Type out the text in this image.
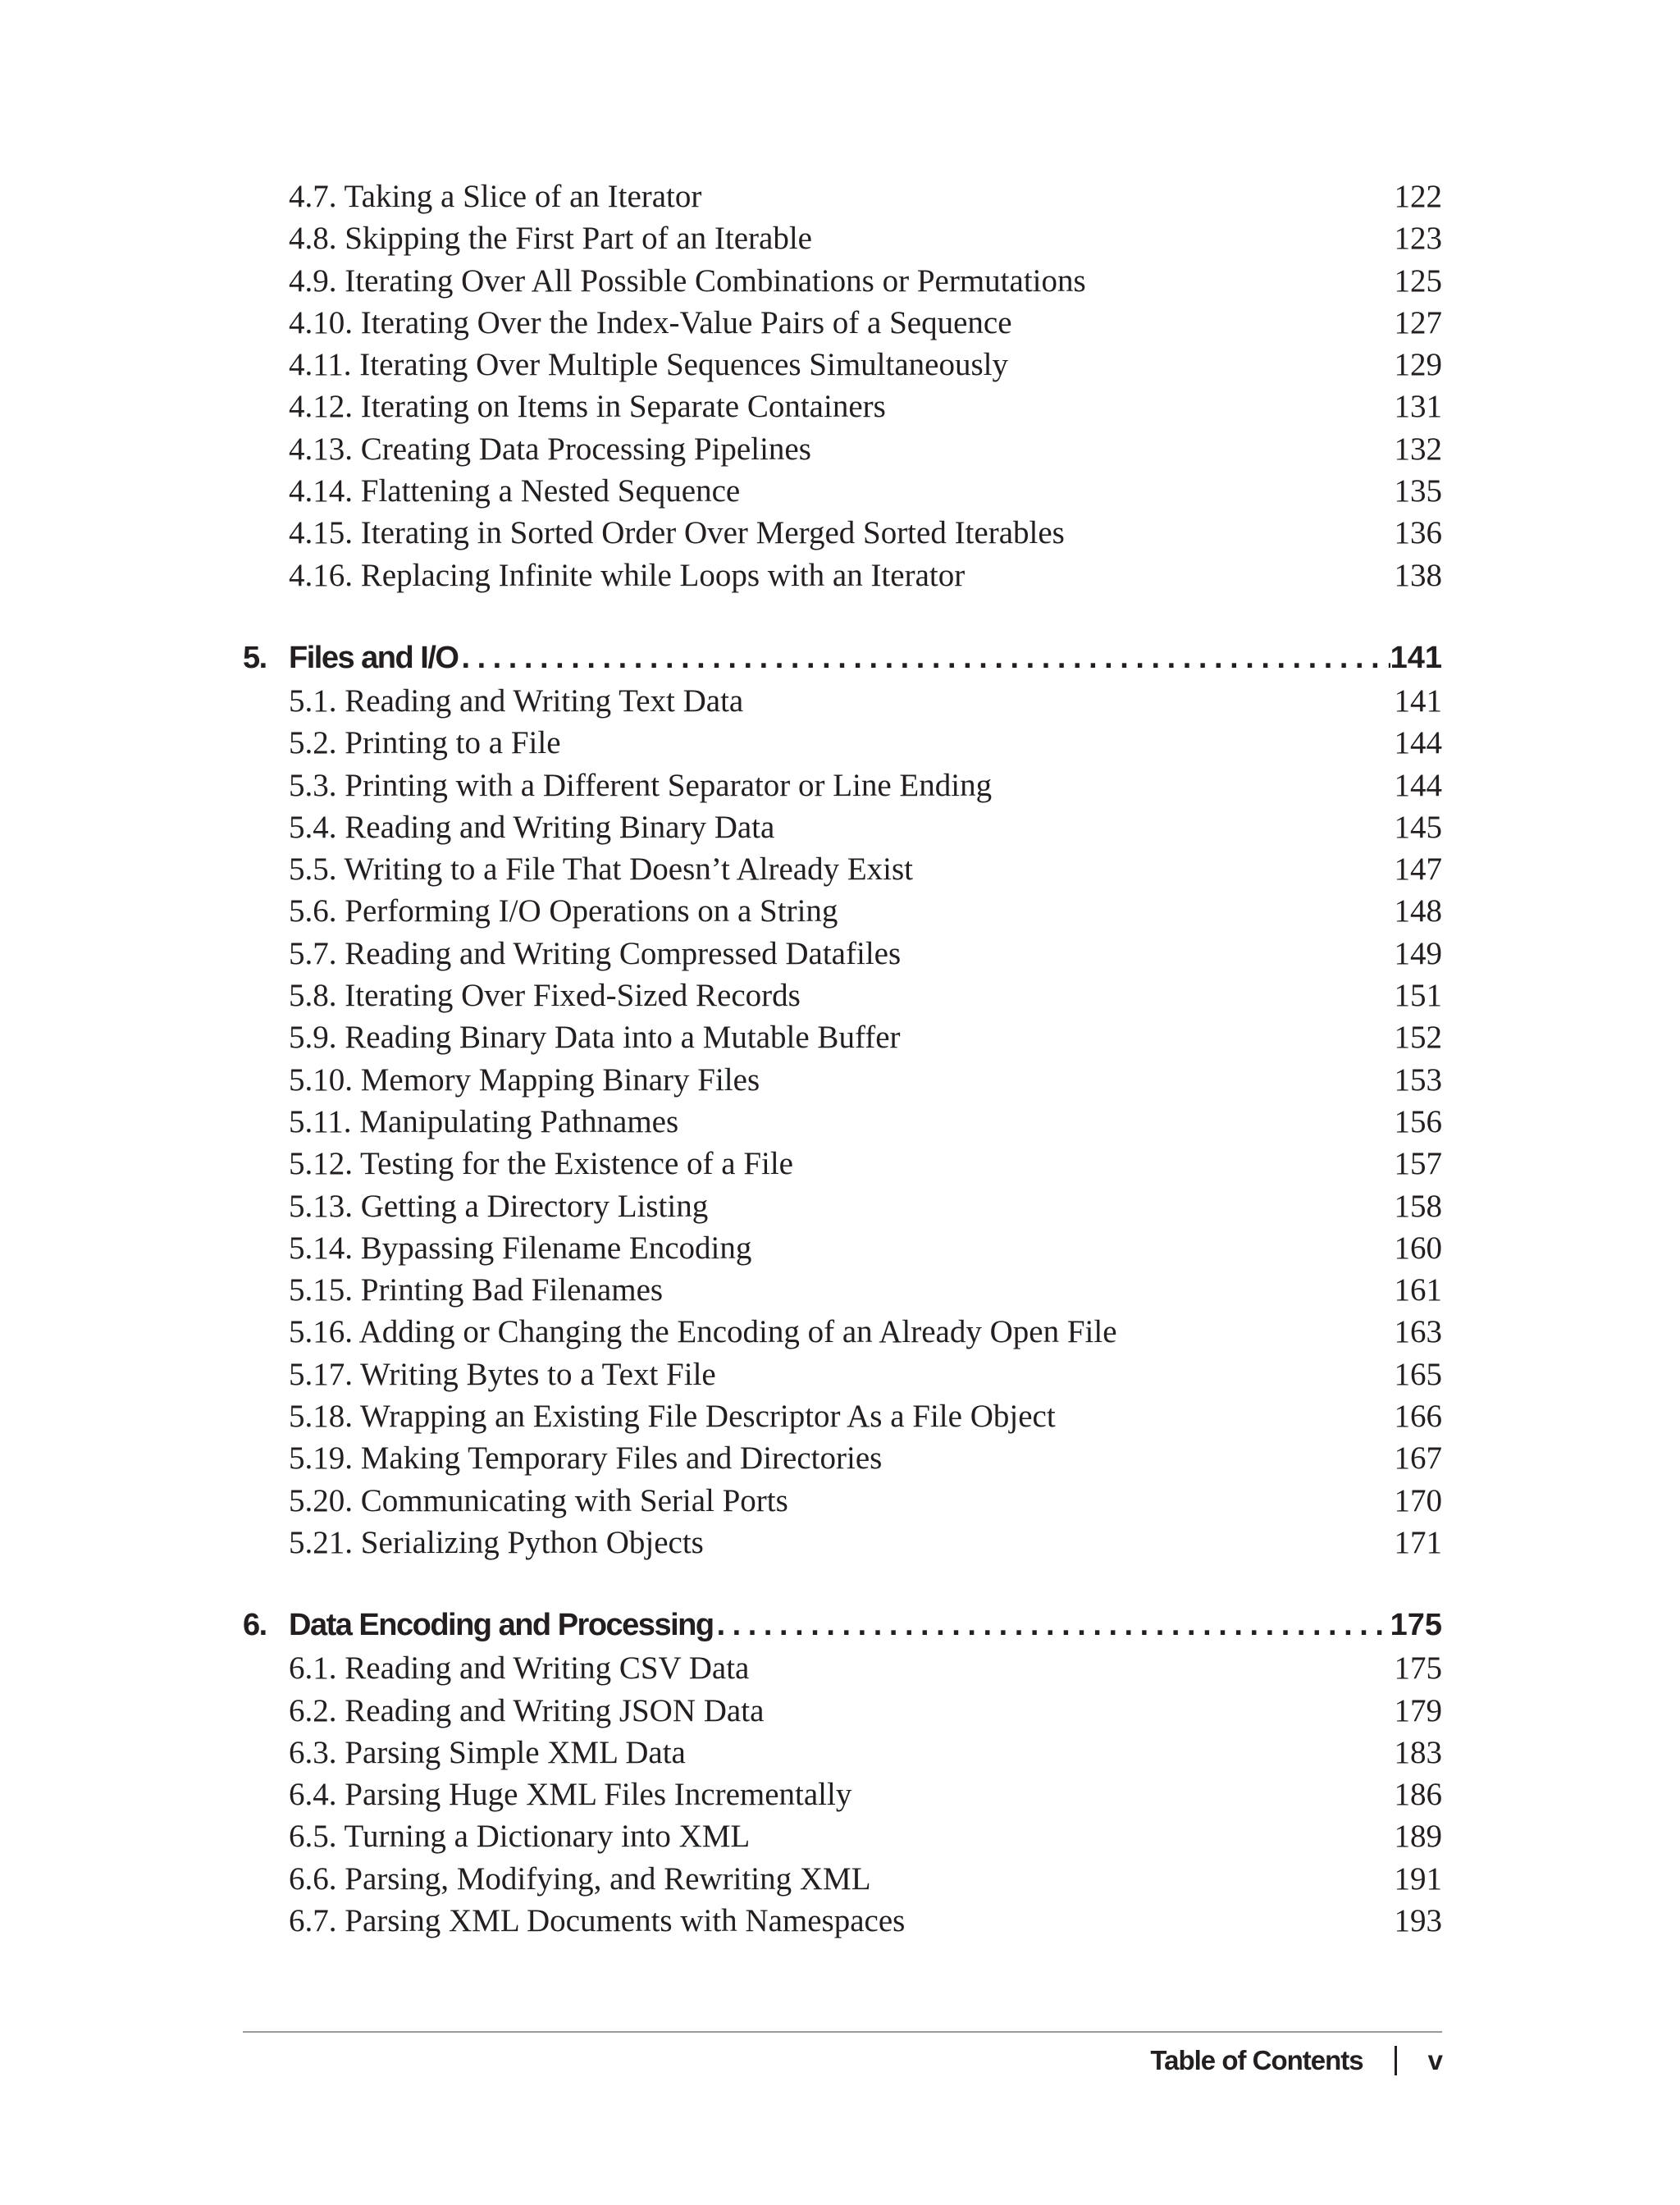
4.7. Taking a Slice of an Iterator	122
4.8. Skipping the First Part of an Iterable	123
4.9. Iterating Over All Possible Combinations or Permutations	125
4.10. Iterating Over the Index-Value Pairs of a Sequence	127
4.11. Iterating Over Multiple Sequences Simultaneously	129
4.12. Iterating on Items in Separate Containers	131
4.13. Creating Data Processing Pipelines	132
4.14. Flattening a Nested Sequence	135
4.15. Iterating in Sorted Order Over Merged Sorted Iterables	136
4.16. Replacing Infinite while Loops with an Iterator	138
5. Files and I/O . . .	141
5.1. Reading and Writing Text Data	141
5.2. Printing to a File	144
5.3. Printing with a Different Separator or Line Ending	144
5.4. Reading and Writing Binary Data	145
5.5. Writing to a File That Doesn’t Already Exist	147
5.6. Performing I/O Operations on a String	148
5.7. Reading and Writing Compressed Datafiles	149
5.8. Iterating Over Fixed-Sized Records	151
5.9. Reading Binary Data into a Mutable Buffer	152
5.10. Memory Mapping Binary Files	153
5.11. Manipulating Pathnames	156
5.12. Testing for the Existence of a File	157
5.13. Getting a Directory Listing	158
5.14. Bypassing Filename Encoding	160
5.15. Printing Bad Filenames	161
5.16. Adding or Changing the Encoding of an Already Open File	163
5.17. Writing Bytes to a Text File	165
5.18. Wrapping an Existing File Descriptor As a File Object	166
5.19. Making Temporary Files and Directories	167
5.20. Communicating with Serial Ports	170
5.21. Serializing Python Objects	171
6. Data Encoding and Processing . . .	175
6.1. Reading and Writing CSV Data	175
6.2. Reading and Writing JSON Data	179
6.3. Parsing Simple XML Data	183
6.4. Parsing Huge XML Files Incrementally	186
6.5. Turning a Dictionary into XML	189
6.6. Parsing, Modifying, and Rewriting XML	191
6.7. Parsing XML Documents with Namespaces	193
Table of Contents v
